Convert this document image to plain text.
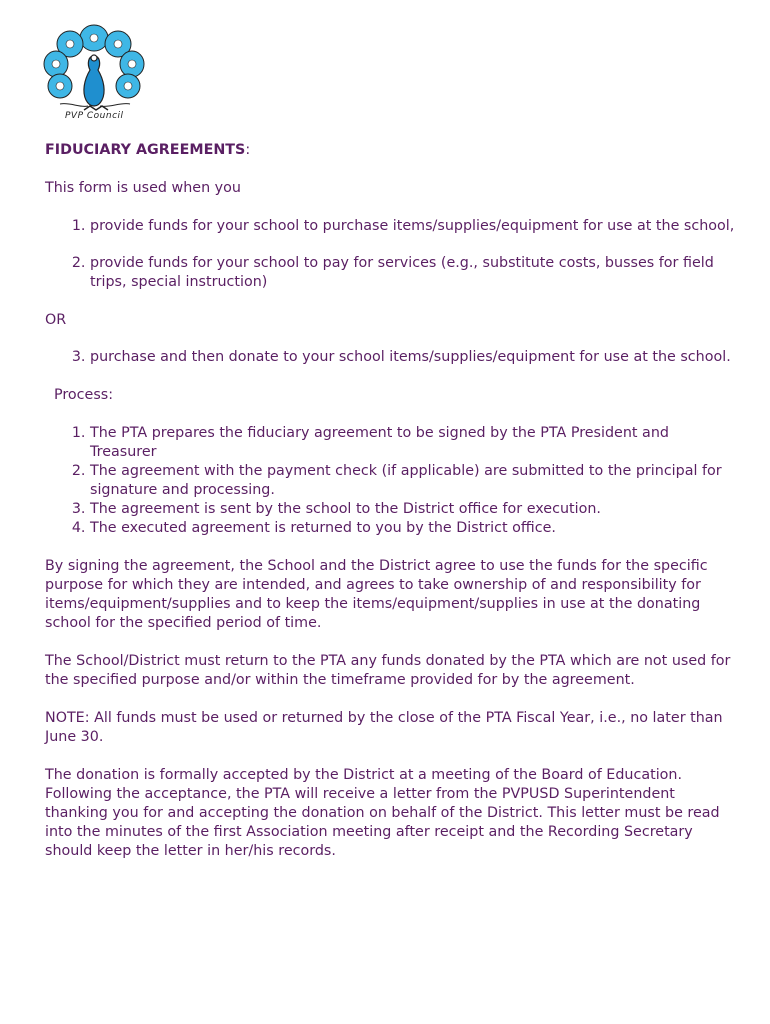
PVP Council
FIDUCIARY AGREEMENTS:

This form is used when you

1. provide funds for your school to purchase items/supplies/equipment for use at the school,
2. provide funds for your school to pay for services (e.g., substitute costs, busses for field trips, special instruction)

OR

3. purchase and then donate to your school items/supplies/equipment for use at the school.

Process:

1. The PTA prepares the fiduciary agreement to be signed by the PTA President and Treasurer
2. The agreement with the payment check (if applicable) are submitted to the principal for signature and processing.
3. The agreement is sent by the school to the District office for execution.
4. The executed agreement is returned to you by the District office.

By signing the agreement, the School and the District agree to use the funds for the specific purpose for which they are intended, and agrees to take ownership of and responsibility for items/equipment/supplies and to keep the items/equipment/supplies in use at the donating school for the specified period of time.

The School/District must return to the PTA any funds donated by the PTA which are not used for the specified purpose and/or within the timeframe provided for by the agreement.

NOTE: All funds must be used or returned by the close of the PTA Fiscal Year, i.e., no later than June 30.

The donation is formally accepted by the District at a meeting of the Board of Education. Following the acceptance, the PTA will receive a letter from the PVPUSD Superintendent thanking you for and accepting the donation on behalf of the District. This letter must be read into the minutes of the first Association meeting after receipt and the Recording Secretary should keep the letter in her/his records.
